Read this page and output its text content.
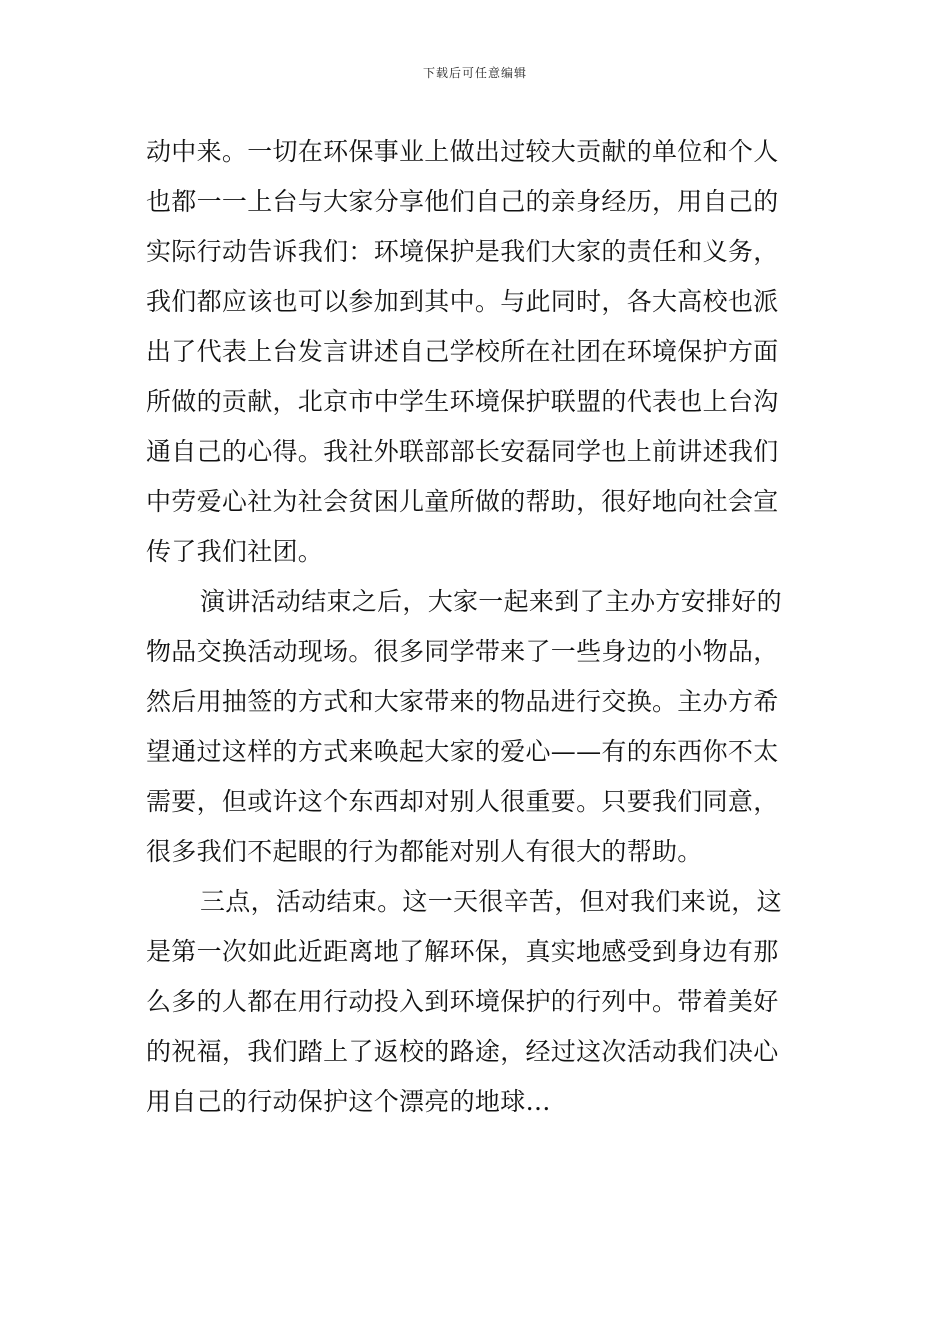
下载后可任意编辑
动中来。一切在环保事业上做出过较大贡献的单位和个人
也都一一上台与大家分享他们自己的亲身经历，用自己的
实际行动告诉我们：环境保护是我们大家的责任和义务，
我们都应该也可以参加到其中。与此同时，各大高校也派
出了代表上台发言讲述自己学校所在社团在环境保护方面
所做的贡献，北京市中学生环境保护联盟的代表也上台沟
通自己的心得。我社外联部部长安磊同学也上前讲述我们
中劳爱心社为社会贫困儿童所做的帮助，很好地向社会宣
传了我们社团。
演讲活动结束之后，大家一起来到了主办方安排好的
物品交换活动现场。很多同学带来了一些身边的小物品，
然后用抽签的方式和大家带来的物品进行交换。主办方希
望通过这样的方式来唤起大家的爱心——有的东西你不太
需要，但或许这个东西却对别人很重要。只要我们同意，
很多我们不起眼的行为都能对别人有很大的帮助。
三点，活动结束。这一天很辛苦，但对我们来说，这
是第一次如此近距离地了解环保，真实地感受到身边有那
么多的人都在用行动投入到环境保护的行列中。带着美好
的祝福，我们踏上了返校的路途，经过这次活动我们决心
用自己的行动保护这个漂亮的地球…
